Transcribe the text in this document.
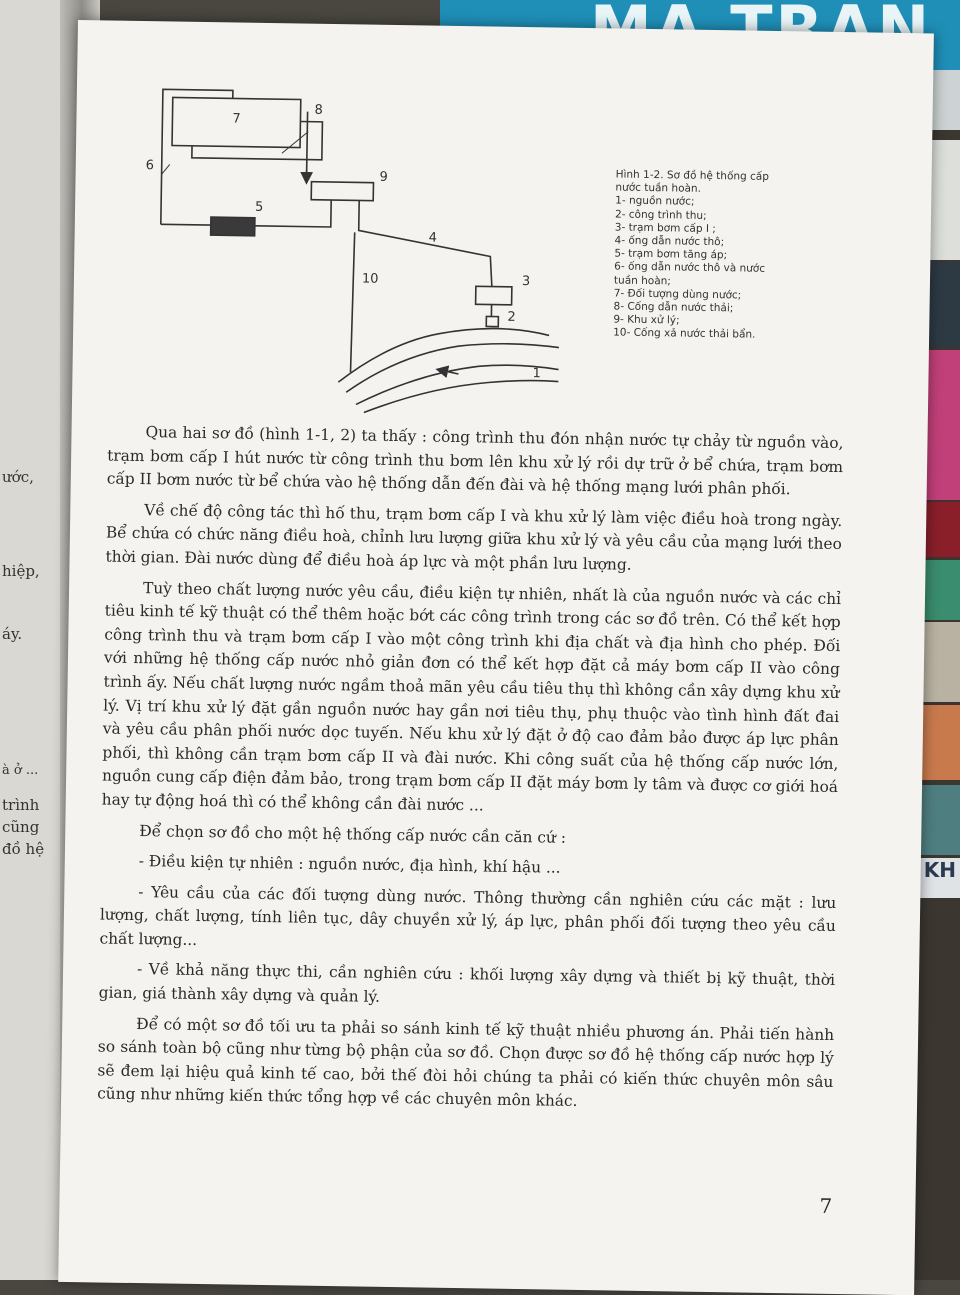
ước,
hiệp,
áy.
à ở ...
trình
cũng
đồ hệ
KH
1
2
3
4
5
6
7
8
9
10
Hình 1-2. Sơ đồ hệ thống cấp
nước tuần hoàn.
1- nguồn nước;
2- công trình thu;
3- trạm bơm cấp I ;
4- ống dẫn nước thô;
5- trạm bơm tăng áp;
6- ống dẫn nước thô và nước
tuần hoàn;
7- Đối tượng dùng nước;
8- Cống dẫn nước thải;
9- Khu xử lý;
10- Cống xả nước thải bẩn.

Qua hai sơ đồ (hình 1-1, 2) ta thấy : công trình thu đón nhận nước tự chảy từ nguồn vào, trạm bơm cấp I hút nước từ công trình thu bơm lên khu xử lý rồi dự trữ ở bể chứa, trạm bơm cấp II bơm nước từ bể chứa vào hệ thống dẫn đến đài và hệ thống mạng lưới phân phối.

Về chế độ công tác thì hố thu, trạm bơm cấp I và khu xử lý làm việc điều hoà trong ngày. Bể chứa có chức năng điều hoà, chỉnh lưu lượng giữa khu xử lý và yêu cầu của mạng lưới theo thời gian. Đài nước dùng để điều hoà áp lực và một phần lưu lượng.

Tuỳ theo chất lượng nước yêu cầu, điều kiện tự nhiên, nhất là của nguồn nước và các chỉ tiêu kinh tế kỹ thuật có thể thêm hoặc bớt các công trình trong các sơ đồ trên. Có thể kết hợp công trình thu và trạm bơm cấp I vào một công trình khi địa chất và địa hình cho phép. Đối với những hệ thống cấp nước nhỏ giản đơn có thể kết hợp đặt cả máy bơm cấp II vào công trình ấy. Nếu chất lượng nước ngầm thoả mãn yêu cầu tiêu thụ thì không cần xây dựng khu xử lý. Vị trí khu xử lý đặt gần nguồn nước hay gần nơi tiêu thụ, phụ thuộc vào tình hình đất đai và yêu cầu phân phối nước dọc tuyến. Nếu khu xử lý đặt ở độ cao đảm bảo được áp lực phân phối, thì không cần trạm bơm cấp II và đài nước. Khi công suất của hệ thống cấp nước lớn, nguồn cung cấp điện đảm bảo, trong trạm bơm cấp II đặt máy bơm ly tâm và được cơ giới hoá hay tự động hoá thì có thể không cần đài nước ...

Để chọn sơ đồ cho một hệ thống cấp nước cần căn cứ :

- Điều kiện tự nhiên : nguồn nước, địa hình, khí hậu ...

- Yêu cầu của các đối tượng dùng nước. Thông thường cần nghiên cứu các mặt : lưu lượng, chất lượng, tính liên tục, dây chuyền xử lý, áp lực, phân phối đối tượng theo yêu cầu chất lượng...

- Về khả năng thực thi, cần nghiên cứu : khối lượng xây dựng và thiết bị kỹ thuật, thời gian, giá thành xây dựng và quản lý.

Để có một sơ đồ tối ưu ta phải so sánh kinh tế kỹ thuật nhiều phương án. Phải tiến hành so sánh toàn bộ cũng như từng bộ phận của sơ đồ. Chọn được sơ đồ hệ thống cấp nước hợp lý sẽ đem lại hiệu quả kinh tế cao, bởi thế đòi hỏi chúng ta phải có kiến thức chuyên môn sâu cũng như những kiến thức tổng hợp về các chuyên môn khác.

7
